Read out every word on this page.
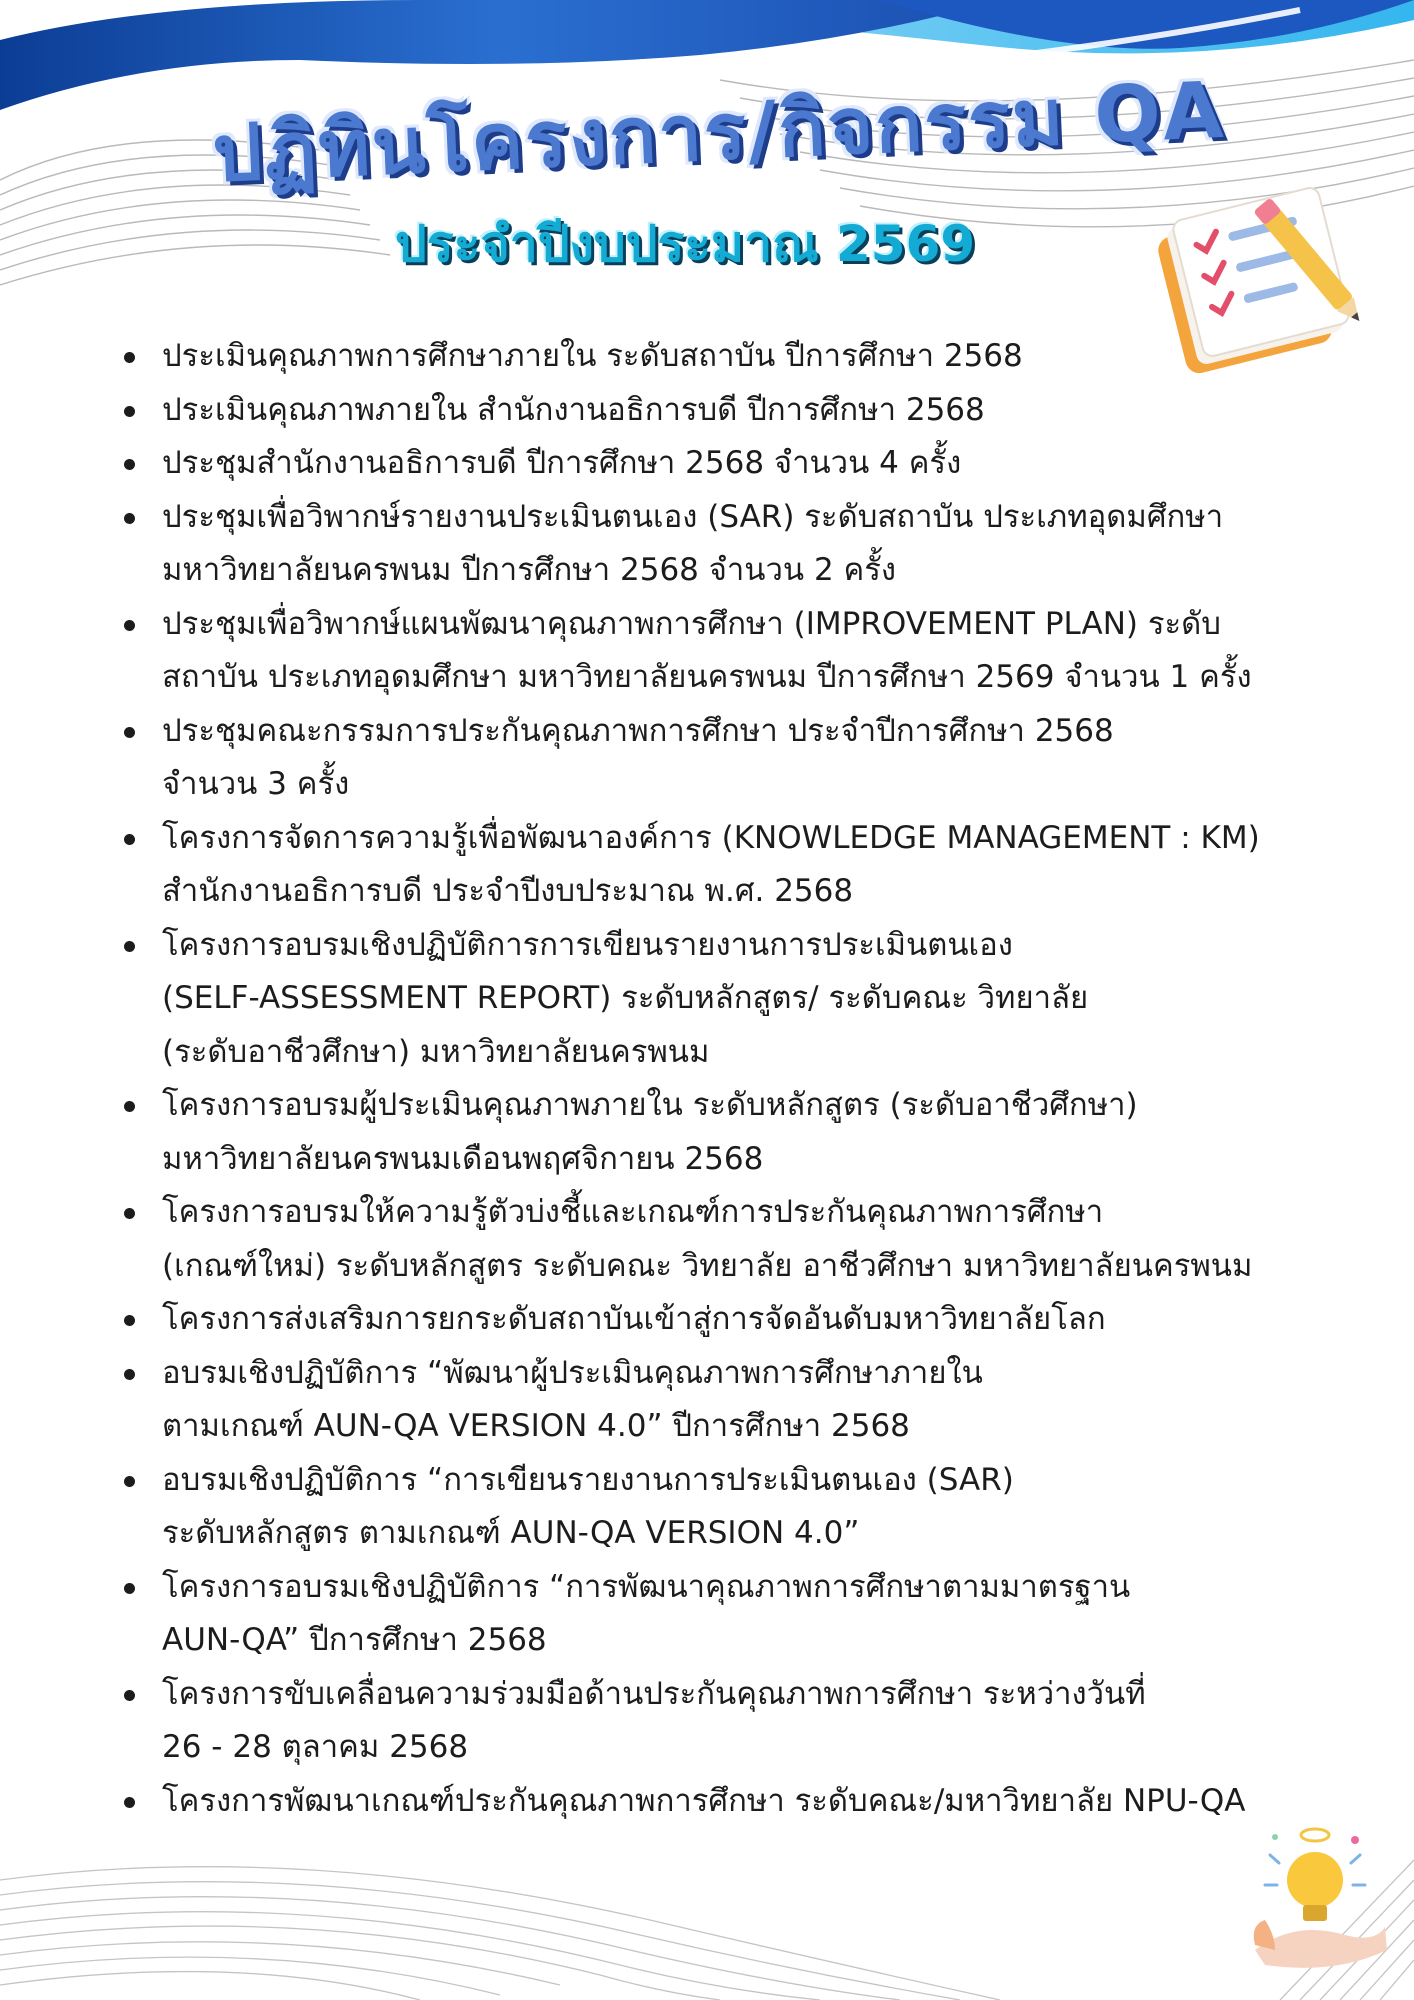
ปฏิทินโครงการ/กิจกรรม QA
ประจำปีงบประมาณ 2569
ประเมินคุณภาพการศึกษาภายใน ระดับสถาบัน ปีการศึกษา 2568
ประเมินคุณภาพภายใน สำนักงานอธิการบดี ปีการศึกษา 2568
ประชุมสำนักงานอธิการบดี ปีการศึกษา 2568 จำนวน 4 ครั้ง
ประชุมเพื่อวิพากษ์รายงานประเมินตนเอง (SAR) ระดับสถาบัน ประเภทอุดมศึกษา
มหาวิทยาลัยนครพนม ปีการศึกษา 2568 จำนวน 2 ครั้ง
ประชุมเพื่อวิพากษ์แผนพัฒนาคุณภาพการศึกษา (IMPROVEMENT PLAN) ระดับ
สถาบัน ประเภทอุดมศึกษา มหาวิทยาลัยนครพนม ปีการศึกษา 2569 จำนวน 1 ครั้ง
ประชุมคณะกรรมการประกันคุณภาพการศึกษา ประจำปีการศึกษา 2568
จำนวน 3 ครั้ง
โครงการจัดการความรู้เพื่อพัฒนาองค์การ (KNOWLEDGE MANAGEMENT : KM)
สำนักงานอธิการบดี ประจำปีงบประมาณ พ.ศ. 2568
โครงการอบรมเชิงปฏิบัติการการเขียนรายงานการประเมินตนเอง
(SELF-ASSESSMENT REPORT) ระดับหลักสูตร/ ระดับคณะ วิทยาลัย
(ระดับอาชีวศึกษา) มหาวิทยาลัยนครพนม
โครงการอบรมผู้ประเมินคุณภาพภายใน ระดับหลักสูตร (ระดับอาชีวศึกษา)
มหาวิทยาลัยนครพนมเดือนพฤศจิกายน 2568
โครงการอบรมให้ความรู้ตัวบ่งชี้และเกณฑ์การประกันคุณภาพการศึกษา
(เกณฑ์ใหม่) ระดับหลักสูตร ระดับคณะ วิทยาลัย อาชีวศึกษา มหาวิทยาลัยนครพนม
โครงการส่งเสริมการยกระดับสถาบันเข้าสู่การจัดอันดับมหาวิทยาลัยโลก
อบรมเชิงปฏิบัติการ “พัฒนาผู้ประเมินคุณภาพการศึกษาภายใน
ตามเกณฑ์ AUN-QA VERSION 4.0” ปีการศึกษา 2568
อบรมเชิงปฏิบัติการ “การเขียนรายงานการประเมินตนเอง (SAR)
ระดับหลักสูตร ตามเกณฑ์ AUN-QA VERSION 4.0”
โครงการอบรมเชิงปฏิบัติการ “การพัฒนาคุณภาพการศึกษาตามมาตรฐาน
AUN-QA” ปีการศึกษา 2568
โครงการขับเคลื่อนความร่วมมือด้านประกันคุณภาพการศึกษา ระหว่างวันที่
26 - 28 ตุลาคม 2568
โครงการพัฒนาเกณฑ์ประกันคุณภาพการศึกษา ระดับคณะ/มหาวิทยาลัย NPU-QA
